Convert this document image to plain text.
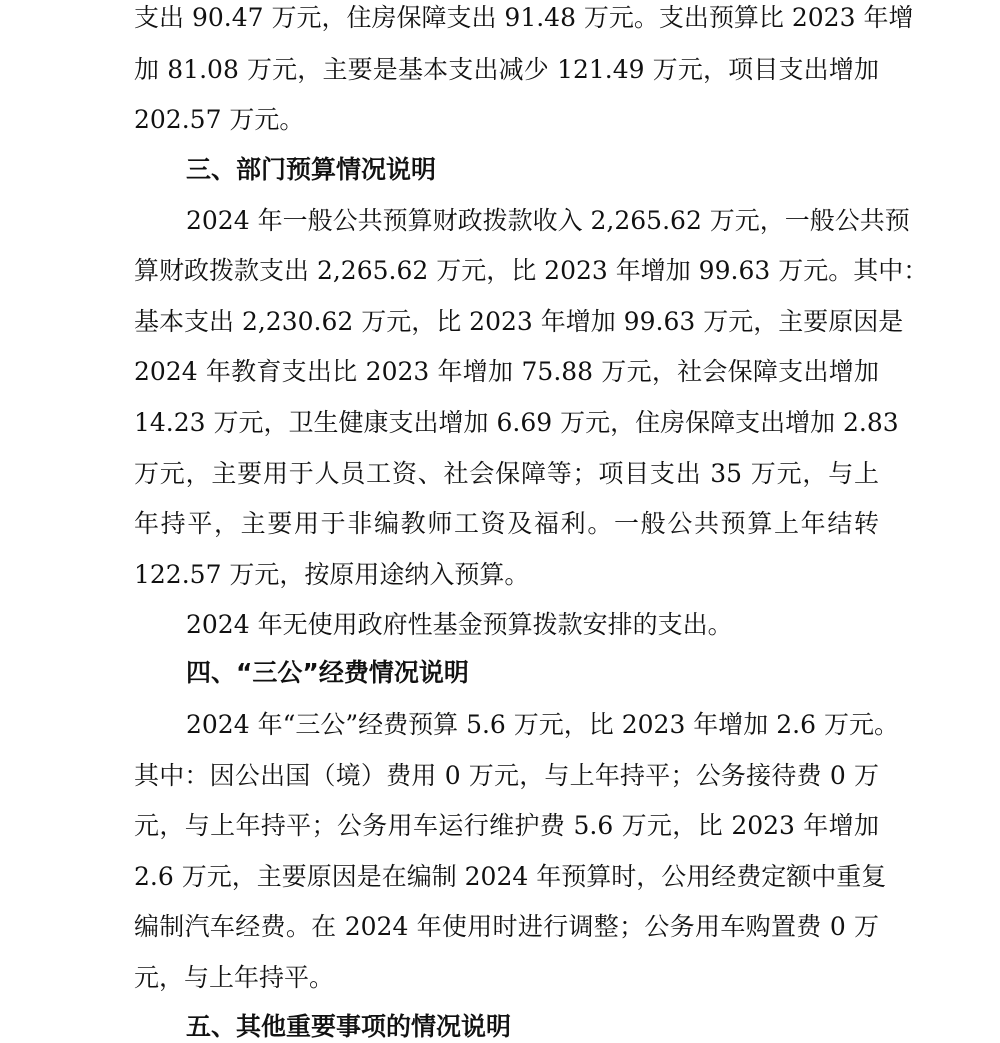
支出 90.47 万元，住房保障支出 91.48 万元。支出预算比 2023 年增
加 81.08 万元，主要是基本支出减少 121.49 万元，项目支出增加
202.57 万元。
三、部门预算情况说明
2024 年一般公共预算财政拨款收入 2,265.62 万元，一般公共预
算财政拨款支出 2,265.62 万元，比 2023 年增加 99.63 万元。其中：
基本支出 2,230.62 万元，比 2023 年增加 99.63 万元，主要原因是
2024 年教育支出比 2023 年增加 75.88 万元，社会保障支出增加
14.23 万元，卫生健康支出增加 6.69 万元，住房保障支出增加 2.83
万元，主要用于人员工资、社会保障等；项目支出 35 万元，与上
年持平，主要用于非编教师工资及福利。一般公共预算上年结转
122.57 万元，按原用途纳入预算。
2024 年无使用政府性基金预算拨款安排的支出。
四、“三公”经费情况说明
2024 年“三公”经费预算 5.6 万元，比 2023 年增加 2.6 万元。
其中：因公出国（境）费用 0 万元，与上年持平；公务接待费 0 万
元，与上年持平；公务用车运行维护费 5.6 万元，比 2023 年增加
2.6 万元，主要原因是在编制 2024 年预算时，公用经费定额中重复
编制汽车经费。在 2024 年使用时进行调整；公务用车购置费 0 万
元，与上年持平。
五、其他重要事项的情况说明
